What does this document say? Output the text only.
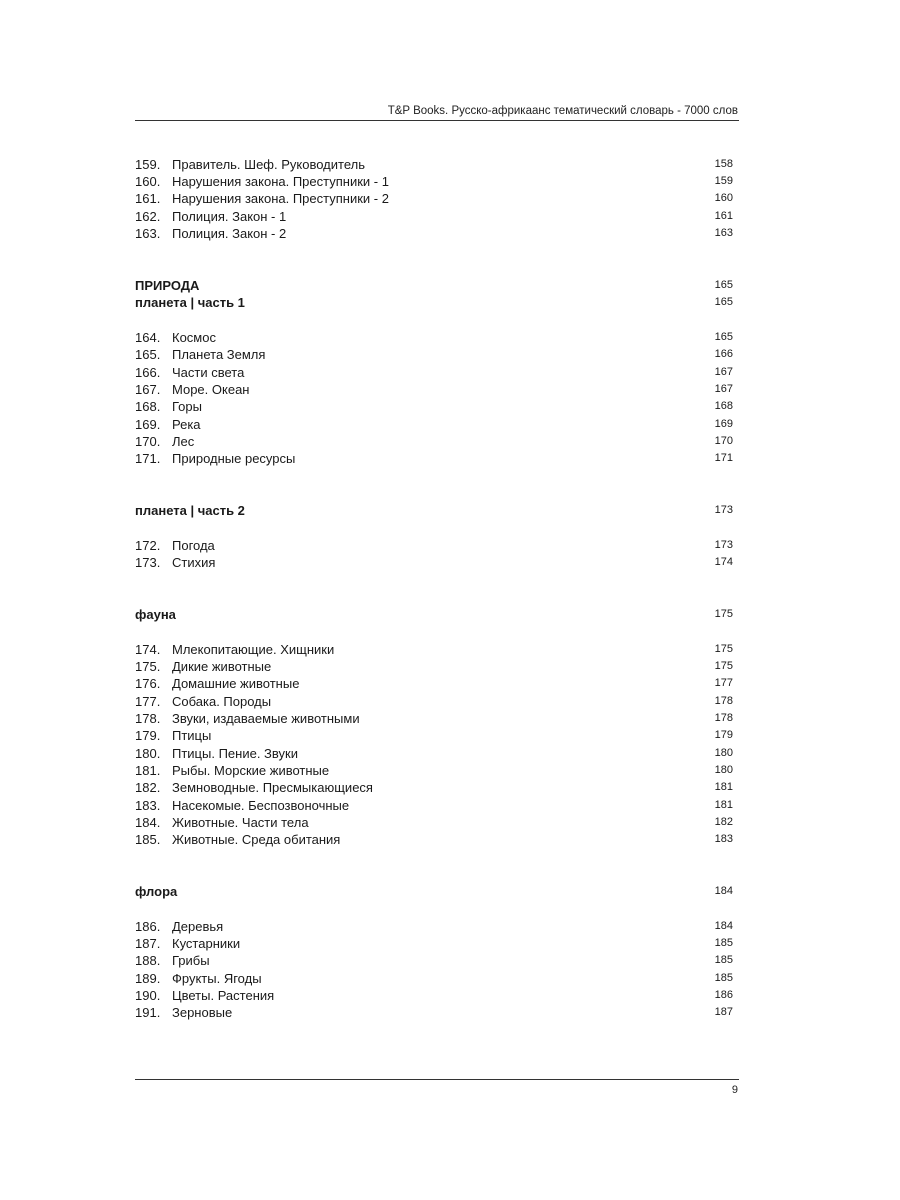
T&P Books. Русско-африкаанс тематический словарь - 7000 слов
159. Правитель. Шеф. Руководитель	158
160. Нарушения закона. Преступники - 1	159
161. Нарушения закона. Преступники - 2	160
162. Полиция. Закон - 1	161
163. Полиция. Закон - 2	163
ПРИРОДА	165
планета | часть 1	165
164. Космос	165
165. Планета Земля	166
166. Части света	167
167. Море. Океан	167
168. Горы	168
169. Река	169
170. Лес	170
171. Природные ресурсы	171
планета | часть 2	173
172. Погода	173
173. Стихия	174
фауна	175
174. Млекопитающие. Хищники	175
175. Дикие животные	175
176. Домашние животные	177
177. Собака. Породы	178
178. Звуки, издаваемые животными	178
179. Птицы	179
180. Птицы. Пение. Звуки	180
181. Рыбы. Морские животные	180
182. Земноводные. Пресмыкающиеся	181
183. Насекомые. Беспозвоночные	181
184. Животные. Части тела	182
185. Животные. Среда обитания	183
флора	184
186. Деревья	184
187. Кустарники	185
188. Грибы	185
189. Фрукты. Ягоды	185
190. Цветы. Растения	186
191. Зерновые	187
9
